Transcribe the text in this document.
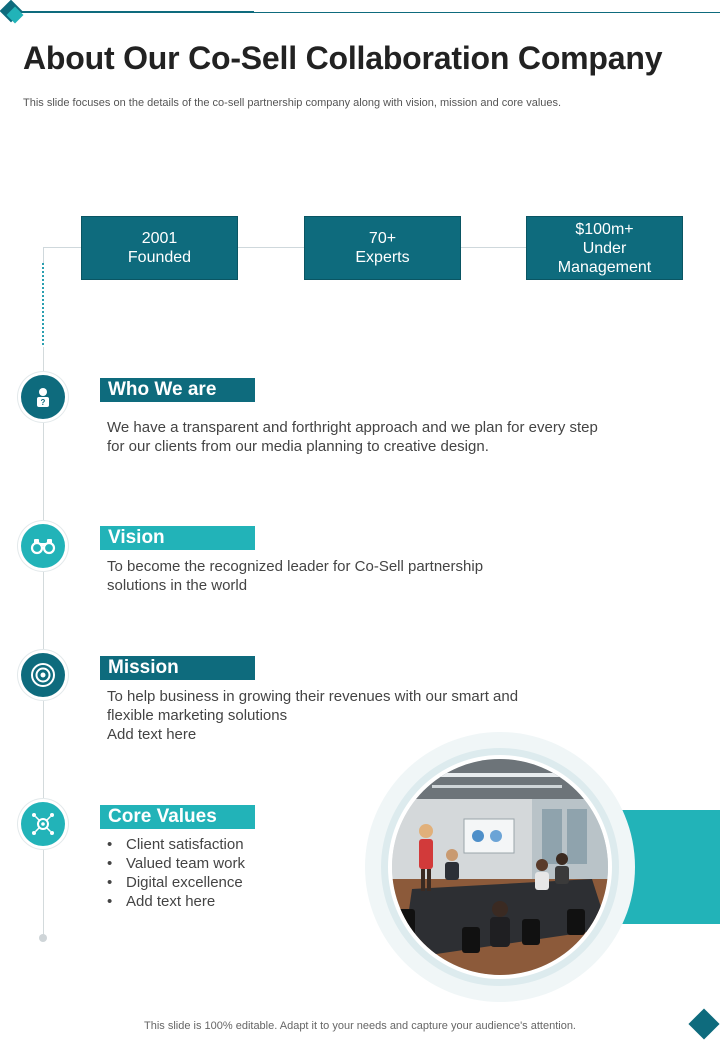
About Our Co-Sell Collaboration Company
This slide focuses on the details of the co-sell partnership company along with vision, mission and core values.
2001
Founded
70+
Experts
$100m+
Under
Management
?
Who We are
We have a transparent and forthright approach and we plan for every step for our clients from our media planning to creative design.
Vision
To become the recognized leader for Co-Sell partnership solutions in the world
Mission
To help business in growing their revenues with our smart and
flexible marketing solutions
Add text here
Core Values
• Client satisfaction
• Valued team work
• Digital excellence
• Add text here
This slide is 100% editable. Adapt it to your needs and capture your audience's attention.
